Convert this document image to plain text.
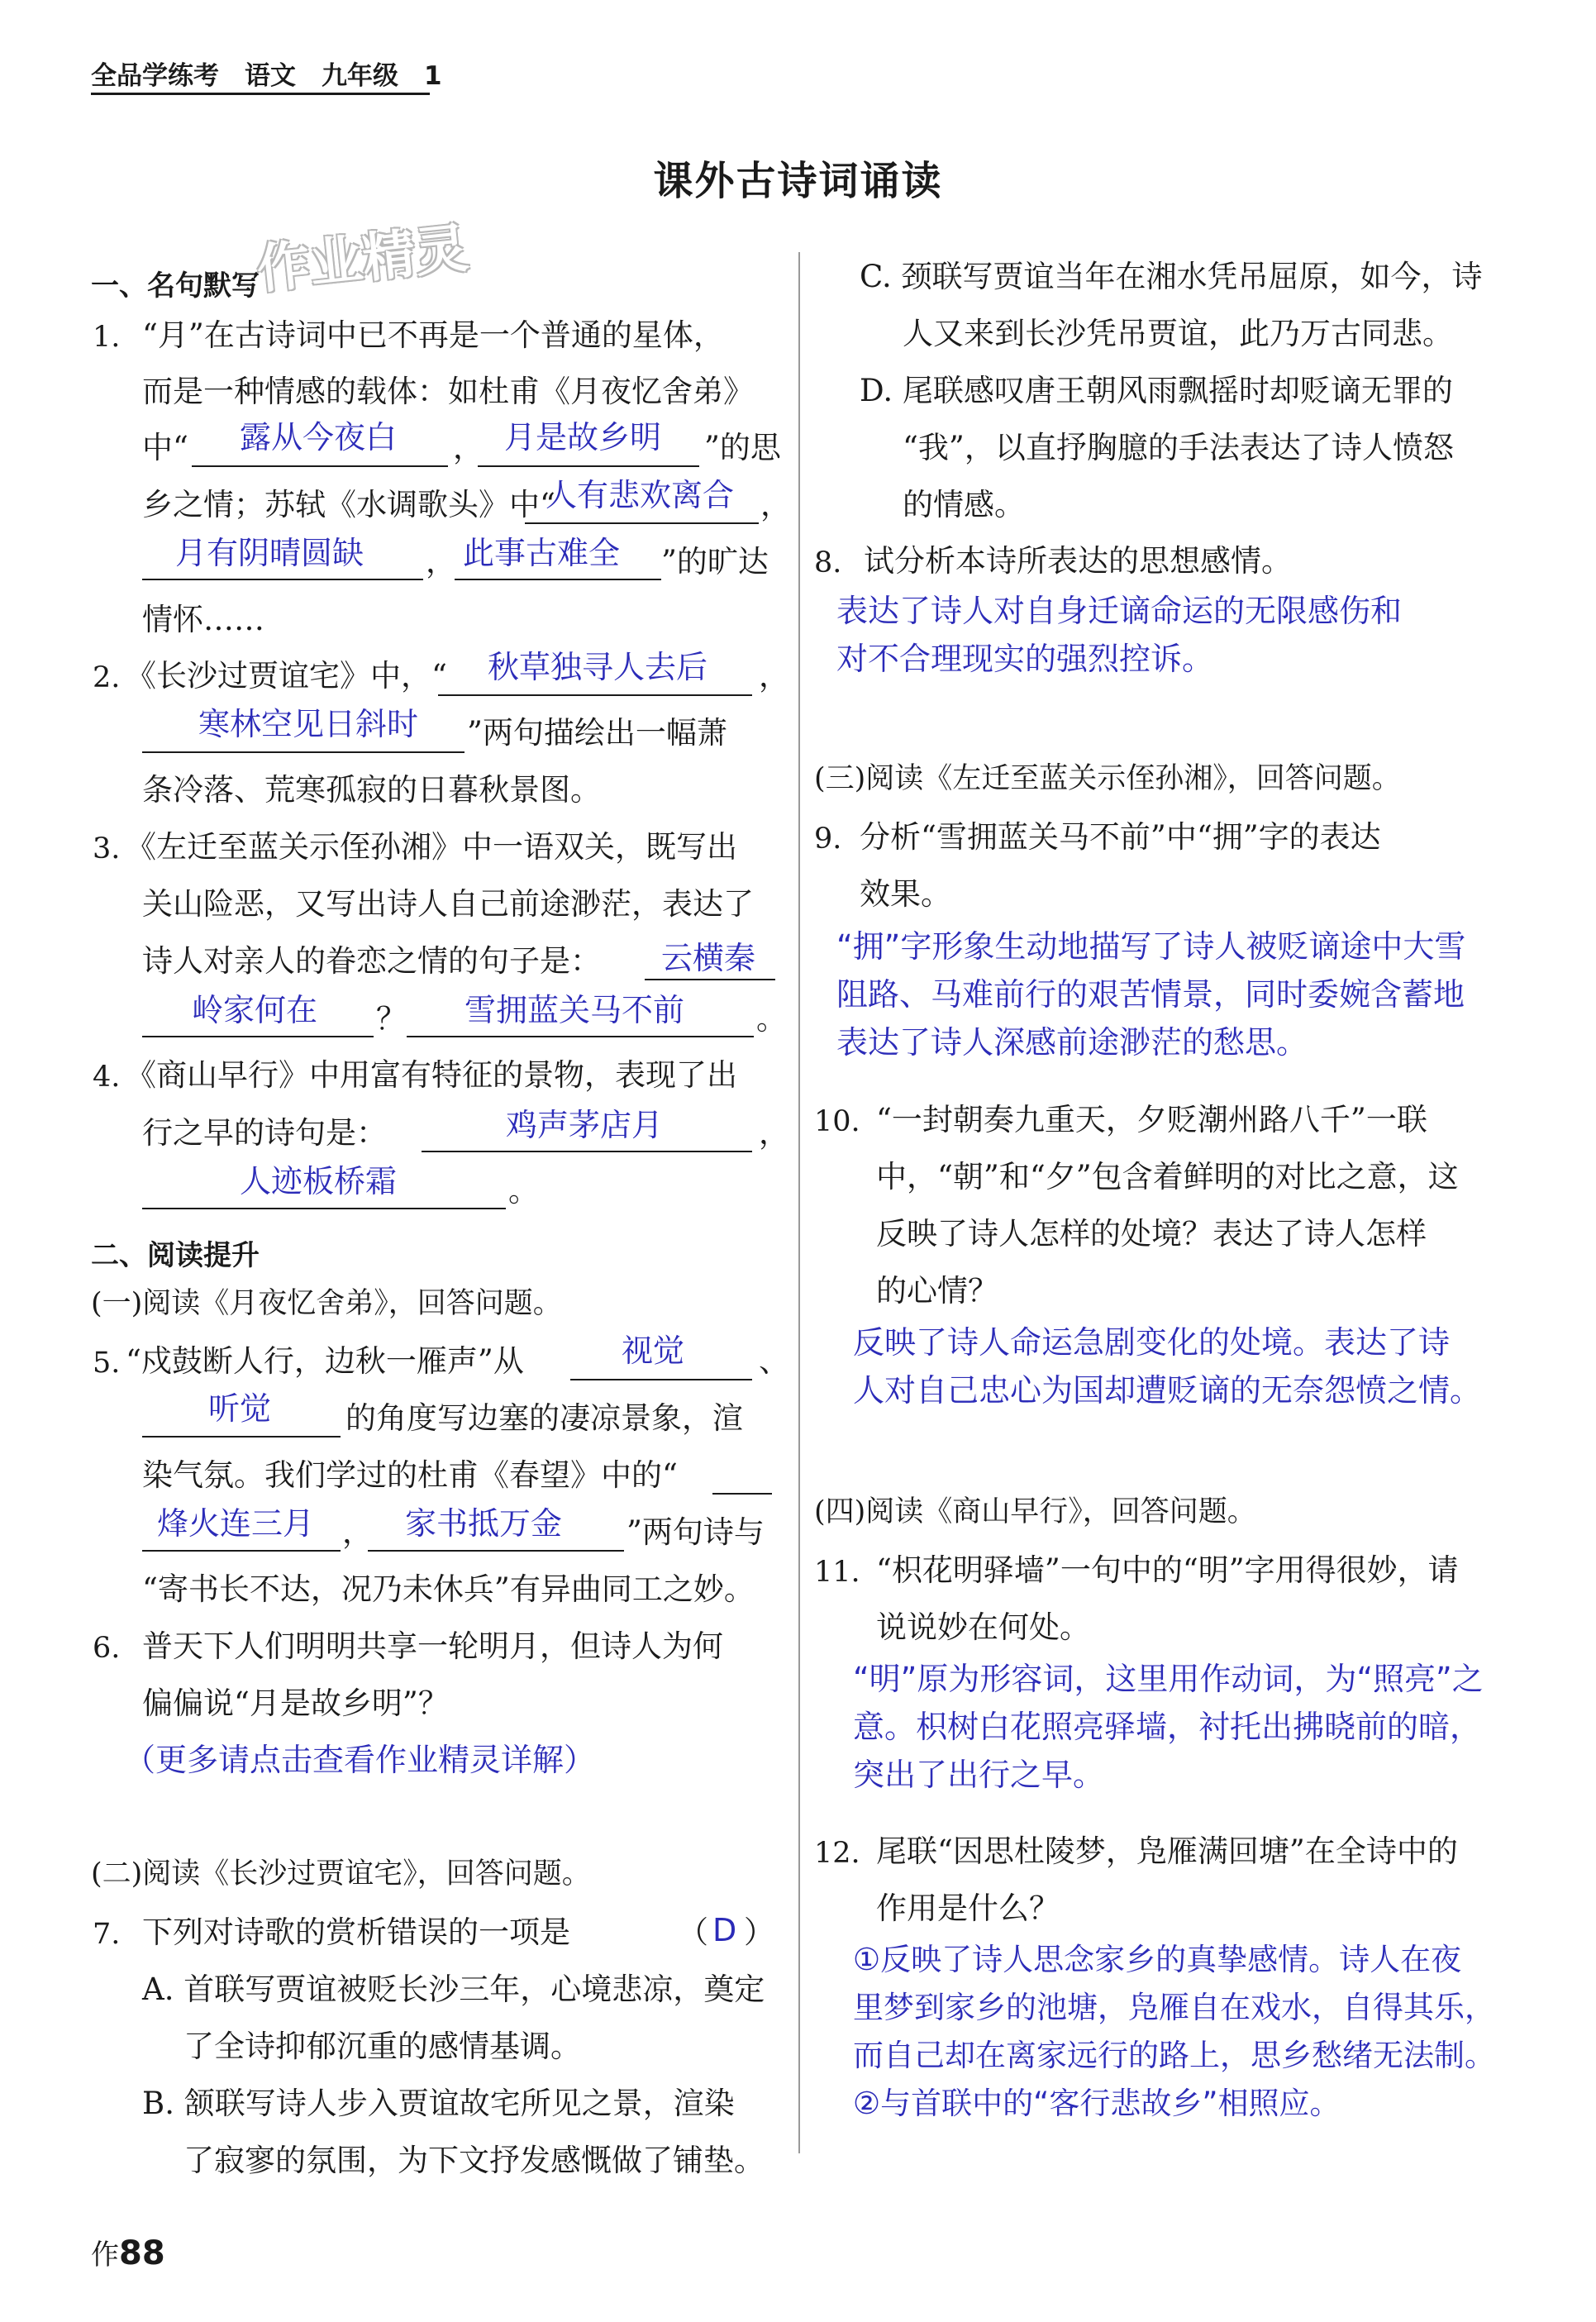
全品学练考　语文　九年级　1
课外古诗词诵读
作业精灵
一、名句默写
1. “月”在古诗词中已不再是一个普通的星体，
而是一种情感的载体：如杜甫《月夜忆舍弟》
中“ 露从今夜白 ， 月是故乡明 ”的思
乡之情；苏轼《水调歌头》中“
人有悲欢离合 ，
月有阴晴圆缺 ， 此事古难全 ”的旷达
情怀……
2. 《长沙过贾谊宅》中，“ 秋草独寻人去后 ，
寒林空见日斜时 ”两句描绘出一幅萧
条冷落、荒寒孤寂的日暮秋景图。
3. 《左迁至蓝关示侄孙湘》中一语双关，既写出
关山险恶，又写出诗人自己前途渺茫，表达了
诗人对亲人的眷恋之情的句子是： 云横秦
岭家何在 ？ 雪拥蓝关马不前 。
4. 《商山早行》中用富有特征的景物，表现了出
行之早的诗句是：	鸡声茅店月	，
人迹板桥霜	。
二、阅读提升
(一)阅读《月夜忆舍弟》，回答问题。
5. “戍鼓断人行，边秋一雁声”从	视觉 、
听觉 的角度写边塞的凄凉景象，渲
染气氛。我们学过的杜甫《春望》中的“
烽火连三月 ， 家书抵万金 ”两句诗与
“寄书长不达，况乃未休兵”有异曲同工之妙。
6. 普天下人们明明共享一轮明月，但诗人为何
偏偏说“月是故乡明”？
（更多请点击查看作业精灵详解）
(二)阅读《长沙过贾谊宅》，回答问题。
7. 下列对诗歌的赏析错误的一项是	（ D ）
A. 首联写贾谊被贬长沙三年，心境悲凉，奠定
了全诗抑郁沉重的感情基调。
B. 颔联写诗人步入贾谊故宅所见之景，渲染
了寂寥的氛围，为下文抒发感慨做了铺垫。
C. 颈联写贾谊当年在湘水凭吊屈原，如今，诗
人又来到长沙凭吊贾谊，此乃万古同悲。
D. 尾联感叹唐王朝风雨飘摇时却贬谪无罪的
“我”，以直抒胸臆的手法表达了诗人愤怒
的情感。
8. 试分析本诗所表达的思想感情。
表达了诗人对自身迁谪命运的无限感伤和
对不合理现实的强烈控诉。
(三)阅读《左迁至蓝关示侄孙湘》，回答问题。
9. 分析“雪拥蓝关马不前”中“拥”字的表达
效果。
“拥”字形象生动地描写了诗人被贬谪途中大雪
阻路、马难前行的艰苦情景，同时委婉含蓄地
表达了诗人深感前途渺茫的愁思。
10. “一封朝奏九重天，夕贬潮州路八千”一联
中，“朝”和“夕”包含着鲜明的对比之意，这
反映了诗人怎样的处境？表达了诗人怎样
的心情？
反映了诗人命运急剧变化的处境。表达了诗
人对自己忠心为国却遭贬谪的无奈怨愤之情。
(四)阅读《商山早行》，回答问题。
11. “枳花明驿墙”一句中的“明”字用得很妙，请
说说妙在何处。
“明”原为形容词，这里用作动词，为“照亮”之
意。枳树白花照亮驿墙，衬托出拂晓前的暗，
突出了出行之早。
12. 尾联“因思杜陵梦，凫雁满回塘”在全诗中的
作用是什么？
①反映了诗人思念家乡的真挚感情。诗人在夜
里梦到家乡的池塘，凫雁自在戏水，自得其乐，
而自己却在离家远行的路上，思乡愁绪无法制。
②与首联中的“客行悲故乡”相照应。
作88
